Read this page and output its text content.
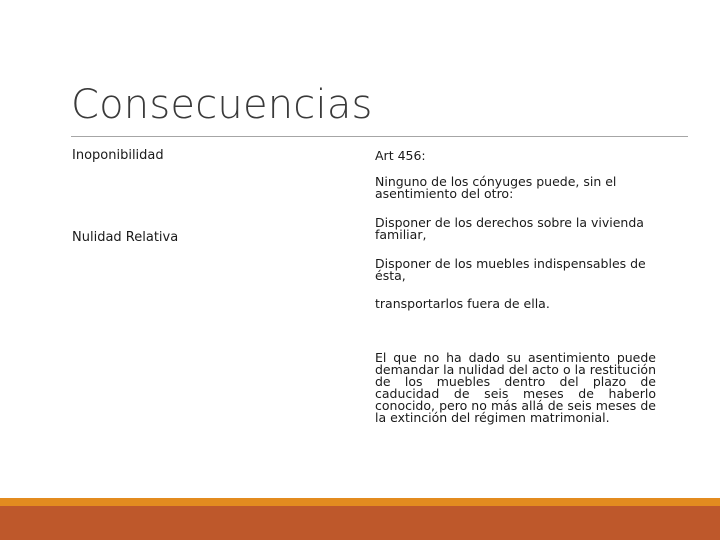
Consecuencias
Inoponibilidad
Nulidad Relativa
Art 456:
Ninguno de los cónyuges puede, sin el asentimiento del otro:
Disponer de los derechos sobre la vivienda familiar,
Disponer de los muebles indispensables de ésta,
transportarlos fuera de ella.
El que no ha dado su asentimiento puede demandar la nulidad del acto o la restitución de los muebles dentro del plazo de caducidad de seis meses de haberlo conocido, pero no más allá de seis meses de la extinción del régimen matrimonial.
